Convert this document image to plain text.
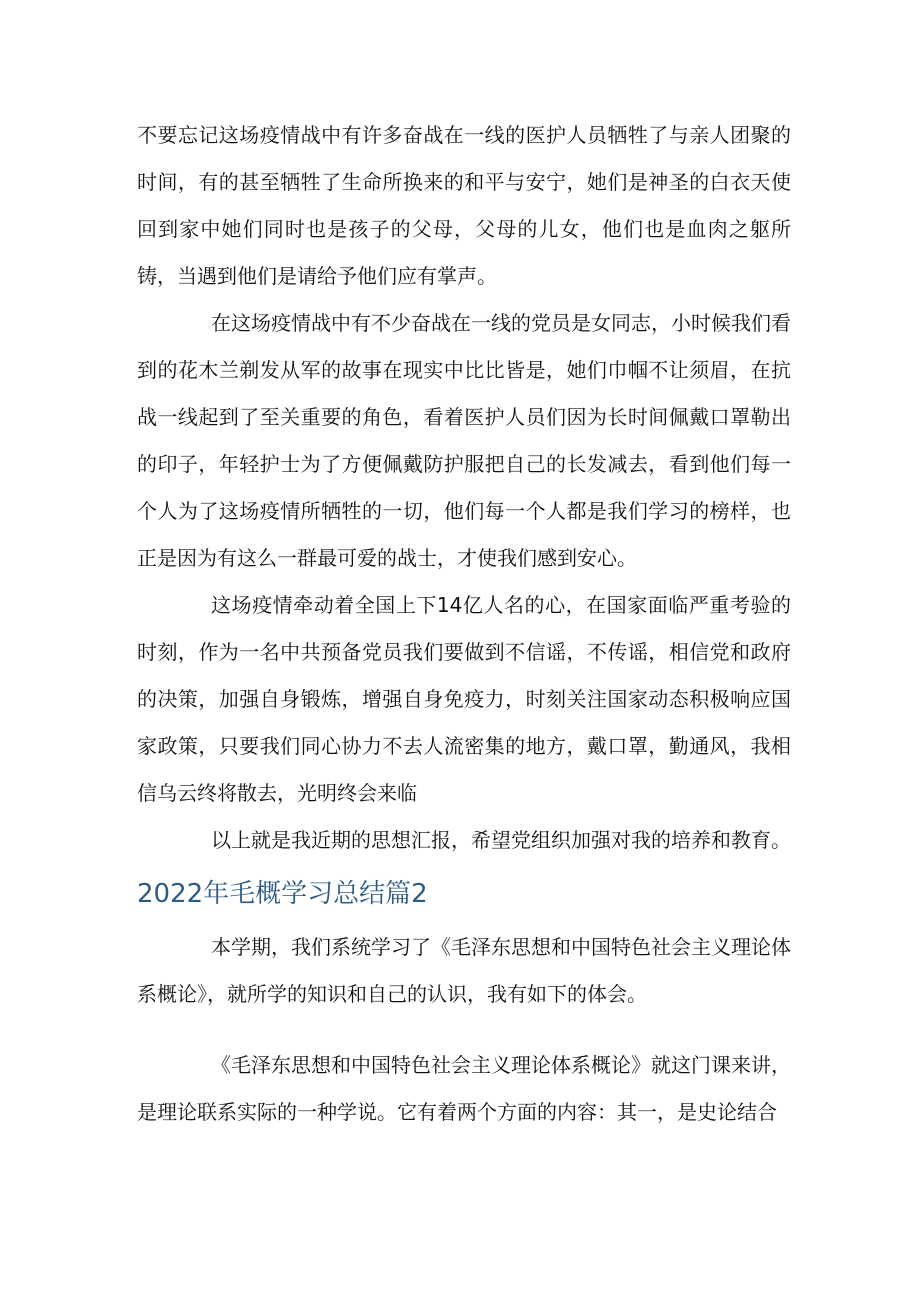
不要忘记这场疫情战中有许多奋战在一线的医护人员牺牲了与亲人团聚的时间，有的甚至牺牲了生命所换来的和平与安宁，她们是神圣的白衣天使回到家中她们同时也是孩子的父母，父母的儿女，他们也是血肉之躯所铸，当遇到他们是请给予他们应有掌声。

在这场疫情战中有不少奋战在一线的党员是女同志，小时候我们看到的花木兰剃发从军的故事在现实中比比皆是，她们巾帼不让须眉，在抗战一线起到了至关重要的角色，看着医护人员们因为长时间佩戴口罩勒出的印子，年轻护士为了方便佩戴防护服把自己的长发减去，看到他们每一个人为了这场疫情所牺牲的一切，他们每一个人都是我们学习的榜样，也正是因为有这么一群最可爱的战士，才使我们感到安心。

这场疫情牵动着全国上下14亿人名的心，在国家面临严重考验的时刻，作为一名中共预备党员我们要做到不信谣，不传谣，相信党和政府的决策，加强自身锻炼，增强自身免疫力，时刻关注国家动态积极响应国家政策，只要我们同心协力不去人流密集的地方，戴口罩，勤通风，我相信乌云终将散去，光明终会来临

以上就是我近期的思想汇报，希望党组织加强对我的培养和教育。

2022年毛概学习总结篇2

本学期，我们系统学习了《毛泽东思想和中国特色社会主义理论体系概论》，就所学的知识和自己的认识，我有如下的体会。

《毛泽东思想和中国特色社会主义理论体系概论》就这门课来讲，是理论联系实际的一种学说。它有着两个方面的内容：其一，是史论结合
